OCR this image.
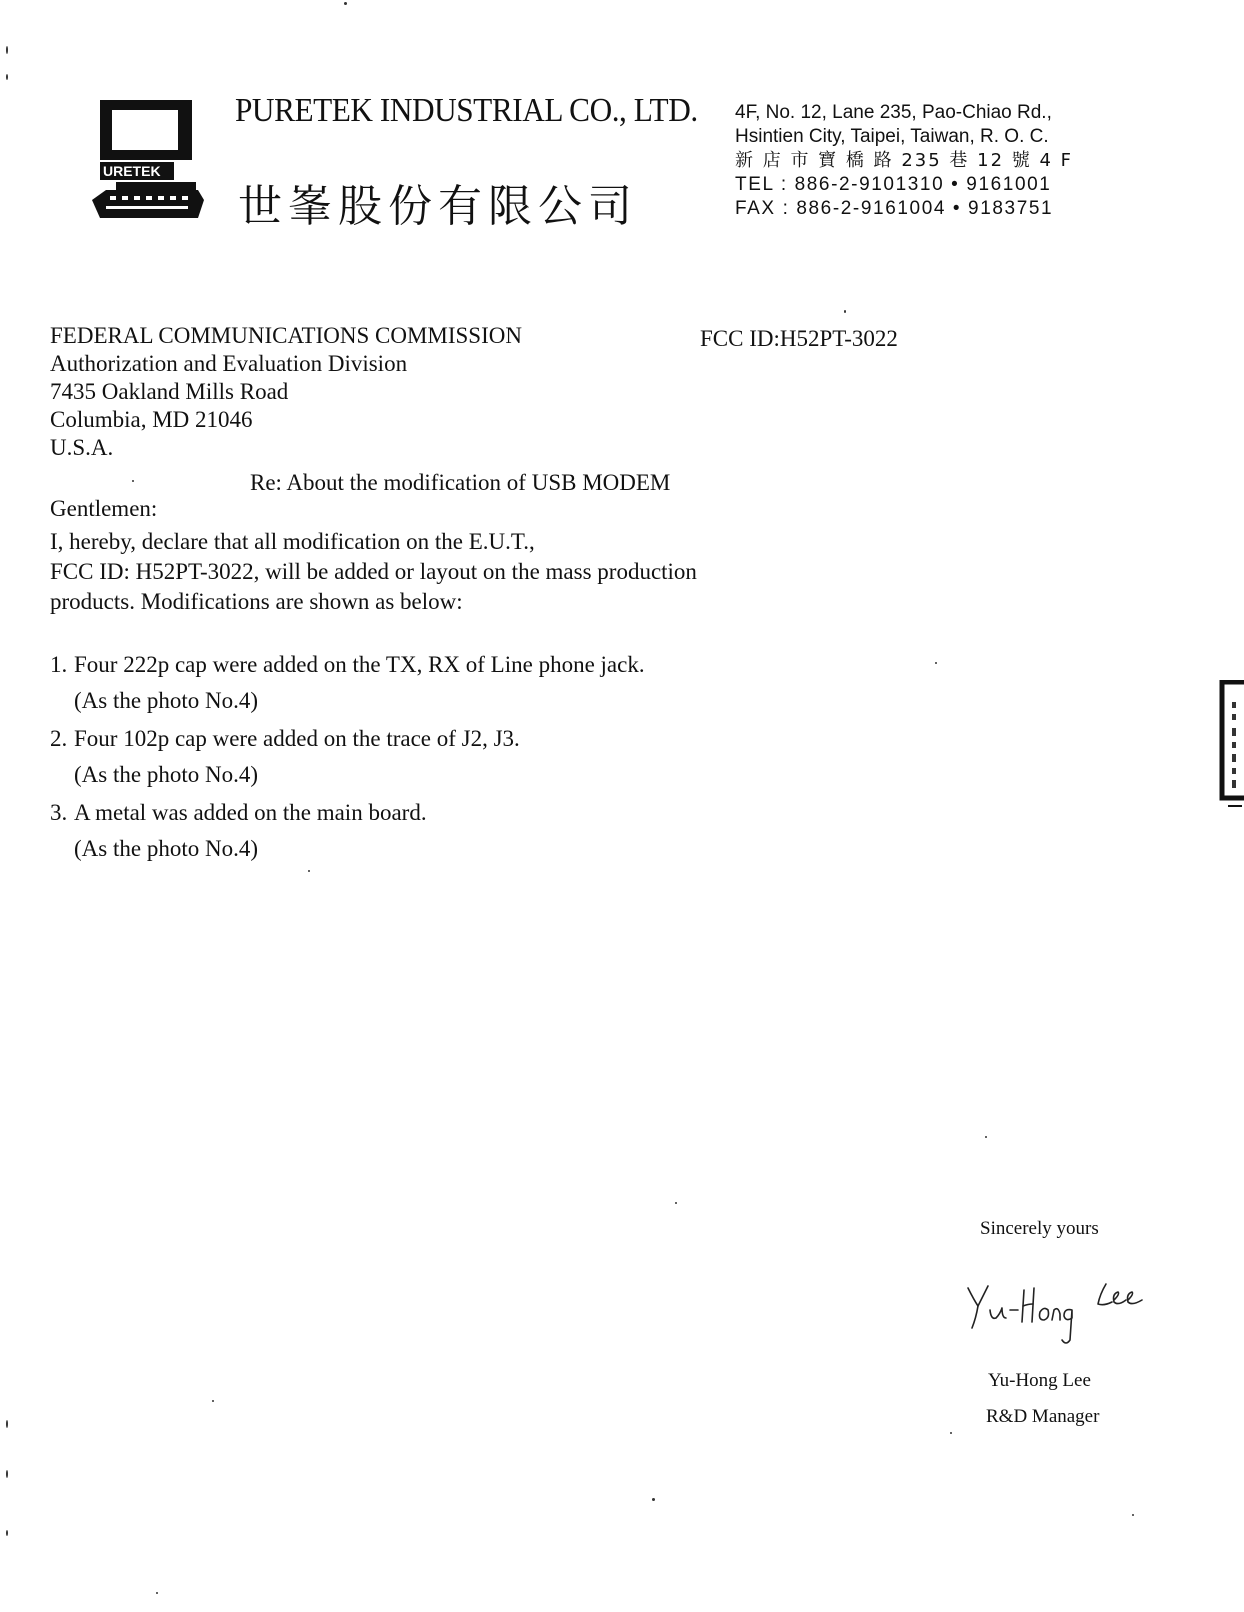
URETEK
PURETEK INDUSTRIAL CO., LTD.
世峯股份有限公司
4F, No. 12, Lane 235, Pao-Chiao Rd.,
Hsintien City, Taipei, Taiwan, R. O. C.
新 店 市 寶 橋 路 235 巷 12 號 4 F
TEL : 886-2-9101310 • 9161001
FAX : 886-2-9161004 • 9183751
FEDERAL COMMUNICATIONS COMMISSION
Authorization and Evaluation Division
7435 Oakland Mills Road
Columbia, MD 21046
U.S.A.
FCC ID:H52PT-3022
Re: About the modification of USB MODEM
Gentlemen:
I, hereby, declare that all modification on the E.U.T.,
FCC ID: H52PT-3022, will be added or layout on the mass production
products. Modifications are shown as below:
1. Four 222p cap were added on the TX, RX of Line phone jack.
(As the photo No.4)
2. Four 102p cap were added on the trace of J2, J3.
(As the photo No.4)
3. A metal was added on the main board.
(As the photo No.4)
Sincerely yours
Yu-Hong Lee
R&D Manager
